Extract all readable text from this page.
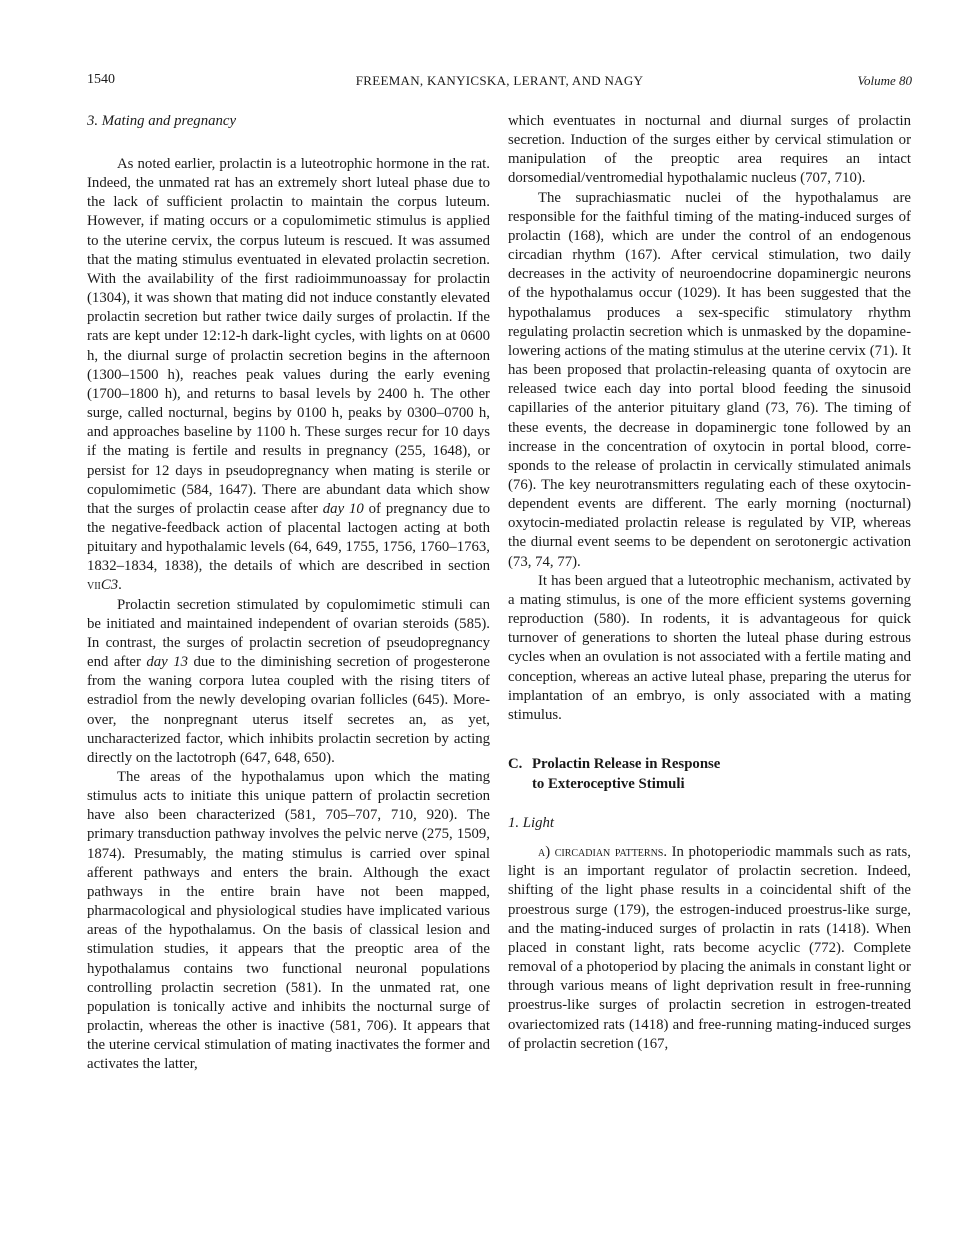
1540	FREEMAN, KANYICSKA, LERANT, AND NAGY	Volume 80
3. Mating and pregnancy

As noted earlier, prolactin is a luteotrophic hormone in the rat. Indeed, the unmated rat has an extremely short luteal phase due to the lack of sufficient prolactin to maintain the corpus luteum. However, if mating occurs or a copulomimetic stimulus is applied to the uterine cervix, the corpus luteum is rescued. It was assumed that the mating stimulus eventuated in elevated prolactin secretion. With the availability of the first radioimmunoassay for prolactin (1304), it was shown that mating did not induce constantly elevated prolactin secretion but rather twice daily surges of prolactin. If the rats are kept under 12:12-h dark-light cycles, with lights on at 0600 h, the diurnal surge of prolactin secretion begins in the afternoon (1300–1500 h), reaches peak values during the early evening (1700–1800 h), and returns to basal levels by 2400 h. The other surge, called nocturnal, begins by 0100 h, peaks by 0300–0700 h, and approaches baseline by 1100 h. These surges recur for 10 days if the mating is fertile and results in pregnancy (255, 1648), or persist for 12 days in pseudopregnancy when mating is sterile or copulomimetic (584, 1647). There are abundant data which show that the surges of prolactin cease after day 10 of pregnancy due to the negative-feedback action of placental lactogen acting at both pituitary and hypothalamic levels (64, 649, 1755, 1756, 1760–1763, 1832–1834, 1838), the details of which are described in section viiC3.

Prolactin secretion stimulated by copulomimetic stimuli can be initiated and maintained independent of ovarian steroids (585). In contrast, the surges of prolactin secretion of pseudopregnancy end after day 13 due to the diminishing secretion of progesterone from the waning corpora lutea coupled with the rising titers of estradiol from the newly developing ovarian follicles (645). Moreover, the nonpregnant uterus itself secretes an, as yet, uncharacterized factor, which inhibits prolactin secretion by acting directly on the lactotroph (647, 648, 650).

The areas of the hypothalamus upon which the mating stimulus acts to initiate this unique pattern of prolactin secretion have also been characterized (581, 705–707, 710, 920). The primary transduction pathway involves the pelvic nerve (275, 1509, 1874). Presumably, the mating stimulus is carried over spinal afferent pathways and enters the brain. Although the exact pathways in the entire brain have not been mapped, pharmacological and physiological studies have implicated various areas of the hypothalamus. On the basis of classical lesion and stimulation studies, it appears that the preoptic area of the hypothalamus contains two functional neuronal populations controlling prolactin secretion (581). In the unmated rat, one population is tonically active and inhibits the nocturnal surge of prolactin, whereas the other is inactive (581, 706). It appears that the uterine cervical stimulation of mating inactivates the former and activates the latter,

which eventuates in nocturnal and diurnal surges of prolactin secretion. Induction of the surges either by cervical stimulation or manipulation of the preoptic area requires an intact dorsomedial/ventromedial hypothalamic nucleus (707, 710).

The suprachiasmatic nuclei of the hypothalamus are responsible for the faithful timing of the mating-induced surges of prolactin (168), which are under the control of an endogenous circadian rhythm (167). After cervical stimulation, two daily decreases in the activity of neuroendocrine dopaminergic neurons of the hypothalamus occur (1029). It has been suggested that the hypothalamus produces a sex-specific stimulatory rhythm regulating prolactin secretion which is unmasked by the dopamine-lowering actions of the mating stimulus at the uterine cervix (71). It has been proposed that prolactin-releasing quanta of oxytocin are released twice each day into portal blood feeding the sinusoid capillaries of the anterior pituitary gland (73, 76). The timing of these events, the decrease in dopaminergic tone followed by an increase in the concentration of oxytocin in portal blood, corresponds to the release of prolactin in cervically stimulated animals (76). The key neurotransmitters regulating each of these oxytocin-dependent events are different. The early morning (nocturnal) oxytocin-mediated prolactin release is regulated by VIP, whereas the diurnal event seems to be dependent on serotonergic activation (73, 74, 77).

It has been argued that a luteotrophic mechanism, activated by a mating stimulus, is one of the more efficient systems governing reproduction (580). In rodents, it is advantageous for quick turnover of generations to shorten the luteal phase during estrous cycles when an ovulation is not associated with a fertile mating and conception, whereas an active luteal phase, preparing the uterus for implantation of an embryo, is only associated with a mating stimulus.

C. Prolactin Release in Response
to Exteroceptive Stimuli
1. Light

a) circadian patterns. In photoperiodic mammals such as rats, light is an important regulator of prolactin secretion. Indeed, shifting of the light phase results in a coincidental shift of the proestrous surge (179), the estrogen-induced proestrus-like surge, and the mating-induced surges of prolactin in rats (1418). When placed in constant light, rats become acyclic (772). Complete removal of a photoperiod by placing the animals in constant light or through various means of light deprivation result in free-running proestrus-like surges of prolactin secretion in estrogen-treated ovariectomized rats (1418) and free-running mating-induced surges of prolactin secretion (167,
